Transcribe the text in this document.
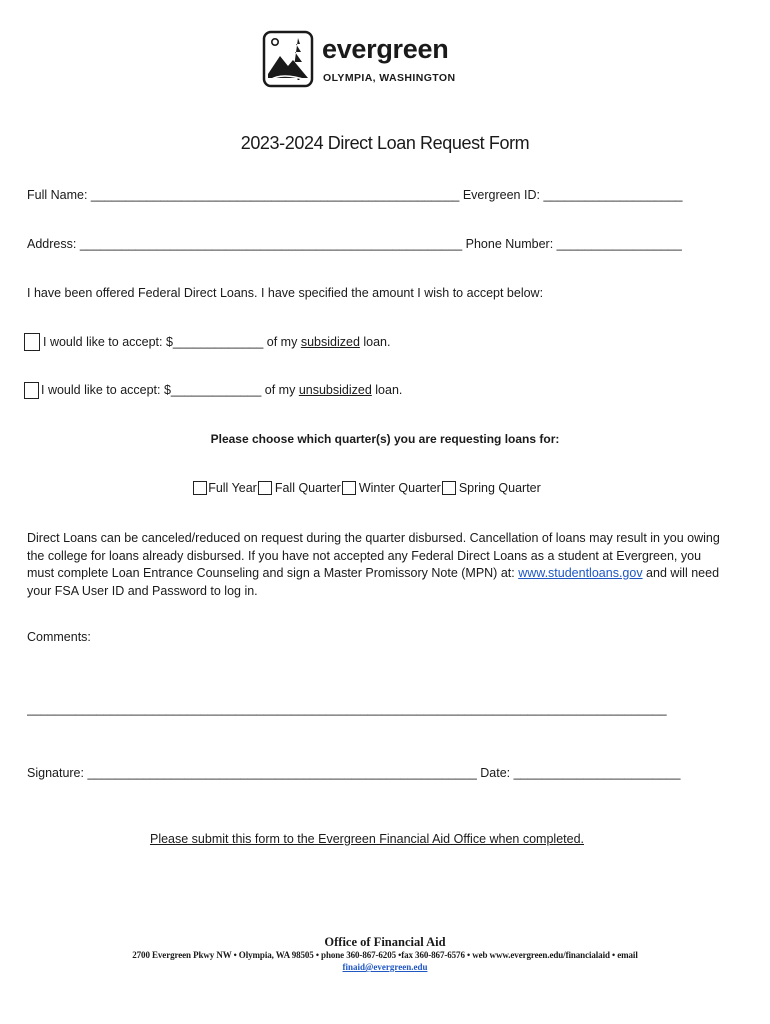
evergreen
OLYMPIA, WASHINGTON
2023-2024 Direct Loan Request Form
Full Name: _____________________________________________________ Evergreen ID: ____________________
Address: _______________________________________________________ Phone Number: __________________
I have been offered Federal Direct Loans. I have specified the amount I wish to accept below:
I would like to accept: $_____________ of my subsidized loan.
I would like to accept: $_____________ of my unsubsidized loan.
Please choose which quarter(s) you are requesting loans for:
Full Year Fall Quarter Winter Quarter Spring Quarter
Direct Loans can be canceled/reduced on request during the quarter disbursed. Cancellation of loans may result in you owing the college for loans already disbursed. If you have not accepted any Federal Direct Loans as a student at Evergreen, you must complete Loan Entrance Counseling and sign a Master Promissory Note (MPN) at: www.studentloans.gov and will need your FSA User ID and Password to log in.
Comments:
____________________________________________________________________________________________
Signature: ________________________________________________________ Date: ________________________
Please submit this form to the Evergreen Financial Aid Office when completed.
Office of Financial Aid
2700 Evergreen Pkwy NW • Olympia, WA 98505 • phone 360-867-6205 •fax 360-867-6576 • web www.evergreen.edu/financialaid • email
finaid@evergreen.edu
